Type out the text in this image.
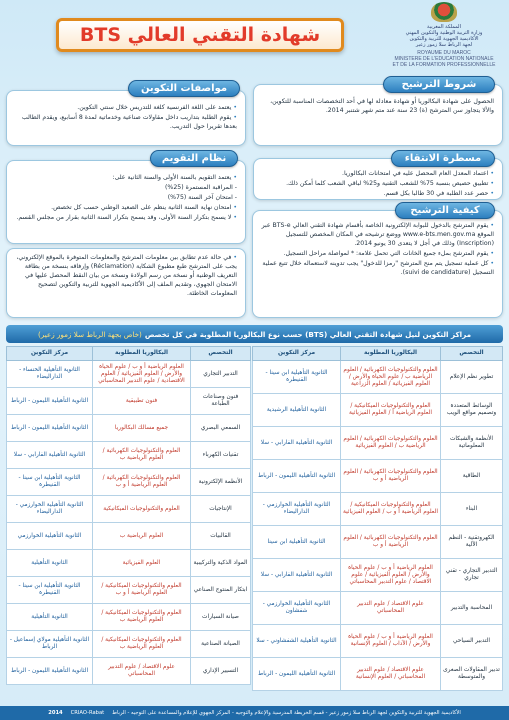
المملكة المغربية
وزارة التربية الوطنية والتكوين المهني
الأكاديمية الجهوية للتربية والتكوين
لجهة الرباط سلا زمور زعير
ROYAUME DU MAROC
MINISTERE DE L'EDUCATION NATIONALE
ET DE LA FORMATION PROFESSIONNELLE
شهادة التقني العالي BTS

الحصول على شهادة البكالوريا أو شهادة معادلة لها في أحد التخصصات المناسبة للتكوين، والألا يتجاوز سن المترشح (ة) 23 سنة عند متم شهر شتنبر 2014.

شروط الترشيح

• اعتماد المعدل العام المحصل عليه في امتحانات البكالوريا.

• تطبيق حصيص بنسبة 75% للشعب التقنية و25% لباقي الشعب كلما أمكن ذلك.

• حصر عدد الطلبة في 30 طالبا بكل قسم.

مسطرة الانتقاء

• يعتمد على اللغة الفرنسية كلغة للتدريس خلال سنتي التكوين.

• يقوم الطلبة بتداريب داخل مقاولات صناعية وخدماتية لمدة 8 أسابيع، ويقدم الطالب بعدها تقريرا حول التدريب.

مواصفات التكوين

• يعتمد التقويم بالسنة الأولى والسنة الثانية على:

- المراقبة المستمرة (25%)

- امتحان آخر السنة (75%)

• امتحان نهاية السنة الثانية ينظم على الصعيد الوطني حسب كل تخصص.

• لا يسمح بتكرار السنة الأولى، وقد يسمح بتكرار السنة الثانية بقرار من مجلس القسم.

نظام التقويم

• يقوم المترشح بالدخول للبوابة الإلكترونية الخاصة بأقسام شهادة التقني العالي BTS-e عبر الموقع www.e-bts.men.gov.ma ووضع ترشيحه في المكان المخصص للتسجيل (Inscription) وذلك في أجل لا يتعدى 30 يونيو 2014.

• يقوم المترشح بملء جميع الخانات التي تحمل علامة: * لمواصلة مراحل التسجيل.

• كل عملية تسجيل يتم منح المترشح "رمزا للدخول" يجب تدوينه لاستعماله خلال تتبع عملية التسجيل (suivi de candidature).

• في حالة عدم تطابق بين معلومات المترشح والمعلومات المتوفرة بالموقع الإلكتروني، يجب على المترشح طبع مطبوع الشكاية (Réclamation) وإرفاقه بنسخة من بطاقة التعريف الوطنية أو نسخة من رسم الولادة ونسخة من بيان النقط المحصل عليها في الامتحان الجهوي، وتقديم الملف إلى الأكاديمية الجهوية للتربية والتكوين لتصحيح المعلومات الخاطئة.

كيفية الترشيح
مراكز التكوين لنيل شهادة التقني العالي (BTS) حسب نوع البكالوريا المطلوبة في كل تخصص
(خاص بجهة الرباط سلا زمور زعير)
التخصص	البكالوريا المطلوبة	مركز التكوين
تطوير نظم الإعلام	العلوم والتكنولوجيات الكهربائية / العلوم الرياضية ب / علوم الحياة والأرض / العلوم الفيزيائية / العلوم الزراعية	الثانوية التأهيلية ابن سينا - القنيطرة
الوسائط المتعددة وتصميم مواقع الويب	العلوم والتكنولوجيات الميكانيكية / العلوم الرياضية أ / العلوم الفيزيائية	الثانوية التأهيلية الرشيدية
الأنظمة والشبكات المعلوماتية	العلوم والتكنولوجيات الكهربائية / العلوم الرياضية ب / العلوم الفيزيائية	الثانوية التأهيلية الفارابي - سلا
الطاقية	العلوم والتكنولوجيات الكهربائية / العلوم الرياضية أ و ب	الثانوية التأهيلية الليمون - الرباط
البناء	العلوم والتكنولوجيات الميكانيكية / العلوم الرياضية أ و ب / العلوم الفيزيائية	الثانوية التأهيلية الخوارزمي - الداراليضاء
الكهروتقنية - النظم الآلية	العلوم والتكنولوجيات الكهربائية / العلوم الرياضية أ و ب	الثانوية التأهيلية ابن سينا
التدبير التجاري - تقني تجاري	العلوم الرياضية أ و ب / علوم الحياة والأرض / العلوم الفيزيائية / علوم الاقتصاد / علوم التدبير المحاسباتي	الثانوية التأهيلية الفارابي - سلا
المحاسبة والتدبير	علوم الاقتصاد / علوم التدبير المحاسباتي	الثانوية التأهيلية الخوارزمي - شفشاون
التدبير السياحي	العلوم الرياضية أ و ب / علوم الحياة والأرض / الآداب / العلوم الإنسانية	الثانوية التأهيلية الشفشاوني - سلا
تدبير المقاولات الصغرى والمتوسطة	علوم الاقتصاد / علوم التدبير المحاسباتي / العلوم الإنسانية	الثانوية التأهيلية الليمون - الرباط
التخصص	البكالوريا المطلوبة	مركز التكوين
التدبير التجاري	العلوم الرياضية أ و ب / علوم الحياة والأرض / العلوم الفيزيائية / العلوم الاقتصادية / علوم التدبير المحاسباتي	الثانوية التأهيلية الخنساء - الداراليضاء
فنون وصناعات الطباعة	فنون تطبيقية	الثانوية التأهيلية الليمون - الرباط
السمعي البصري	جميع مسالك البكالوريا	الثانوية التأهيلية الليمون - الرباط
تقنيات الكهرباء	العلوم والتكنولوجيات الكهربائية / العلوم الرياضية ب	الثانوية التأهيلية الفارابي - سلا
الأنظمة الإلكترونية	العلوم والتكنولوجيات الكهربائية / العلوم الرياضية أ و ب	الثانوية التأهيلية ابن سينا - القنيطرة
الإنتاجيات	العلوم والتكنولوجيات الميكانيكية	الثانوية التأهيلية الخوارزمي - الداراليضاء
القالبيات	العلوم الرياضية ب	الثانوية التأهيلية الخوارزمي
المواد الذكية والتركيبية	العلوم الفيزيائية	الثانوية التأهيلية
ابتكار المنتوج الصناعي	العلوم والتكنولوجيات الميكانيكية / العلوم الرياضية أ و ب	الثانوية التأهيلية ابن سينا - القنيطرة
صيانة السيارات	العلوم والتكنولوجيات الميكانيكية / العلوم الرياضية ب	الثانوية التأهيلية
الصيانة الصناعية	العلوم والتكنولوجيات الميكانيكية / العلوم الرياضية ب	الثانوية التأهيلية مولاي إسماعيل - الرباط
التسيير الإداري	علوم الاقتصاد / علوم التدبير المحاسباتي	الثانوية التأهيلية الليمون - الرباط
الأكاديمية الجهوية للتربية والتكوين لجهة الرباط سلا زمور زعير - قسم الخريطة المدرسية والإعلام والتوجيه - المركز الجهوي للإعلام والمساعدة على التوجيه - الرباط
CRIAO-Rabat
2014
